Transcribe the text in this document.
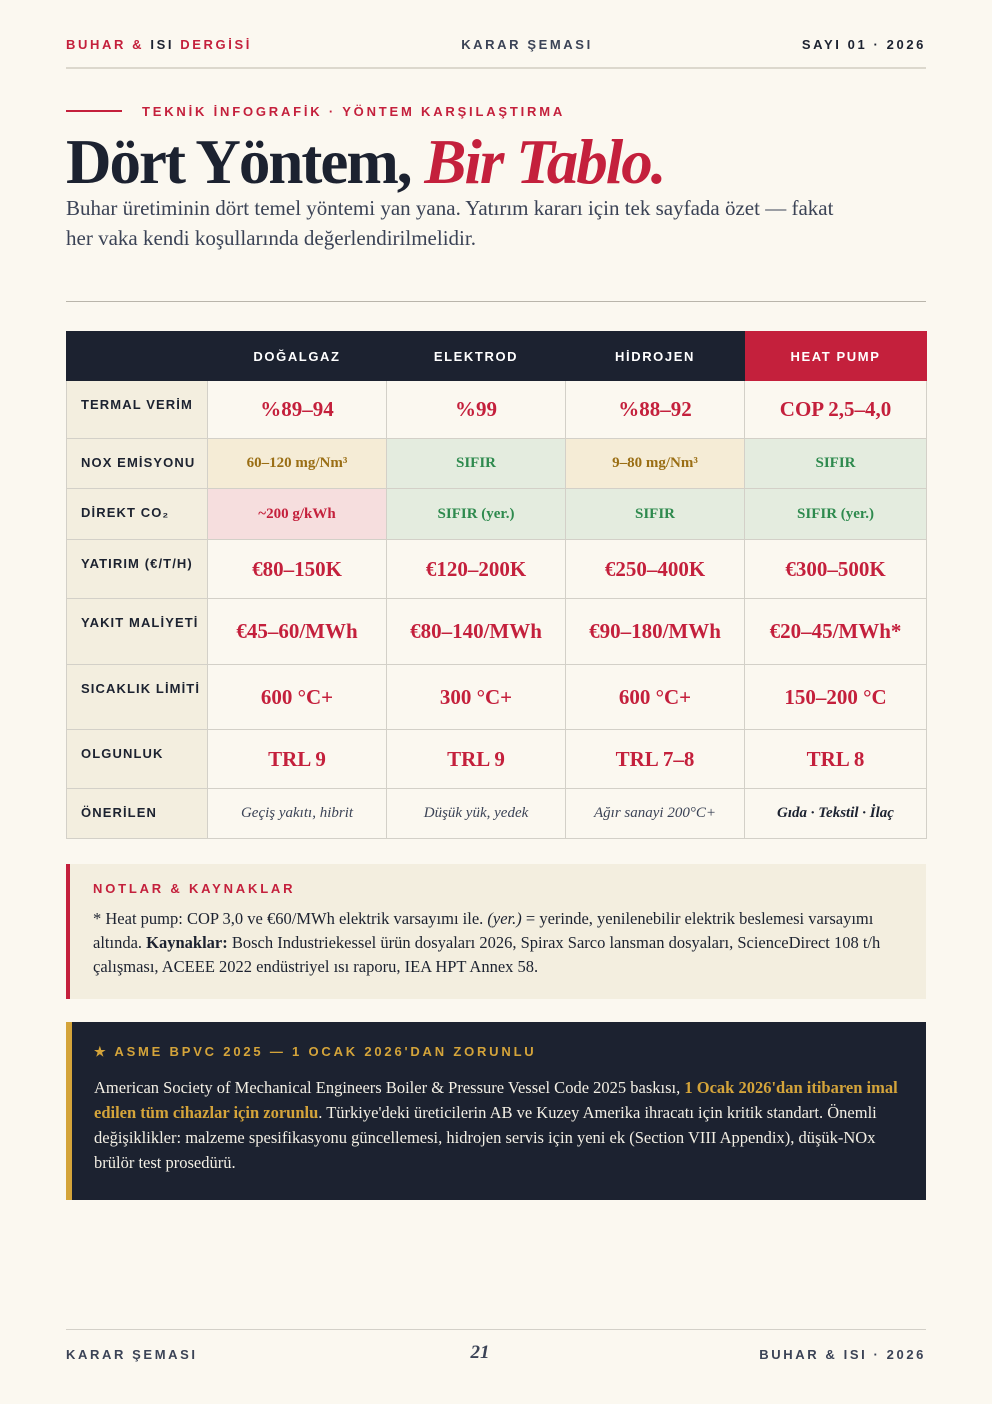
BUHAR & ISI DERGİSİ	KARAR ŞEMASI	SAYI 01 · 2026
TEKNİK İNFOGRAFİK · YÖNTEM KARŞILAŞTIRMA
Dört Yöntem, Bir Tablo.
Buhar üretiminin dört temel yöntemi yan yana. Yatırım kararı için tek sayfada özet — fakat her vaka kendi koşullarında değerlendirilmelidir.
	DOĞALGAZ	ELEKTROD	HİDROJEN	HEAT PUMP
TERMAL VERİM	%89–94	%99	%88–92	COP 2,5–4,0
NOX EMİSYONU	60–120 mg/Nm³	SIFIR	9–80 mg/Nm³	SIFIR
DİREKT CO₂	~200 g/kWh	SIFIR (yer.)	SIFIR	SIFIR (yer.)
YATIRIM (€/T/H)	€80–150K	€120–200K	€250–400K	€300–500K
YAKIT MALİYETİ	€45–60/MWh	€80–140/MWh	€90–180/MWh	€20–45/MWh*
SICAKLIK LİMİTİ	600 °C+	300 °C+	600 °C+	150–200 °C
OLGUNLUK	TRL 9	TRL 9	TRL 7–8	TRL 8
ÖNERİLEN	Geçiş yakıtı, hibrit	Düşük yük, yedek	Ağır sanayi 200°C+	Gıda · Tekstil · İlaç
NOTLAR & KAYNAKLAR
* Heat pump: COP 3,0 ve €60/MWh elektrik varsayımı ile. (yer.) = yerinde, yenilenebilir elektrik beslemesi varsayımı altında. Kaynaklar: Bosch Industriekessel ürün dosyaları 2026, Spirax Sarco lansman dosyaları, ScienceDirect 108 t/h çalışması, ACEEE 2022 endüstriyel ısı raporu, IEA HPT Annex 58.
★ ASME BPVC 2025 — 1 OCAK 2026'DAN ZORUNLU
American Society of Mechanical Engineers Boiler & Pressure Vessel Code 2025 baskısı, 1 Ocak 2026'dan itibaren imal edilen tüm cihazlar için zorunlu. Türkiye'deki üreticilerin AB ve Kuzey Amerika ihracatı için kritik standart. Önemli değişiklikler: malzeme spesifikasyonu güncellemesi, hidrojen servis için yeni ek (Section VIII Appendix), düşük-NOx brülör test prosedürü.
KARAR ŞEMASI	21	BUHAR & ISI · 2026
